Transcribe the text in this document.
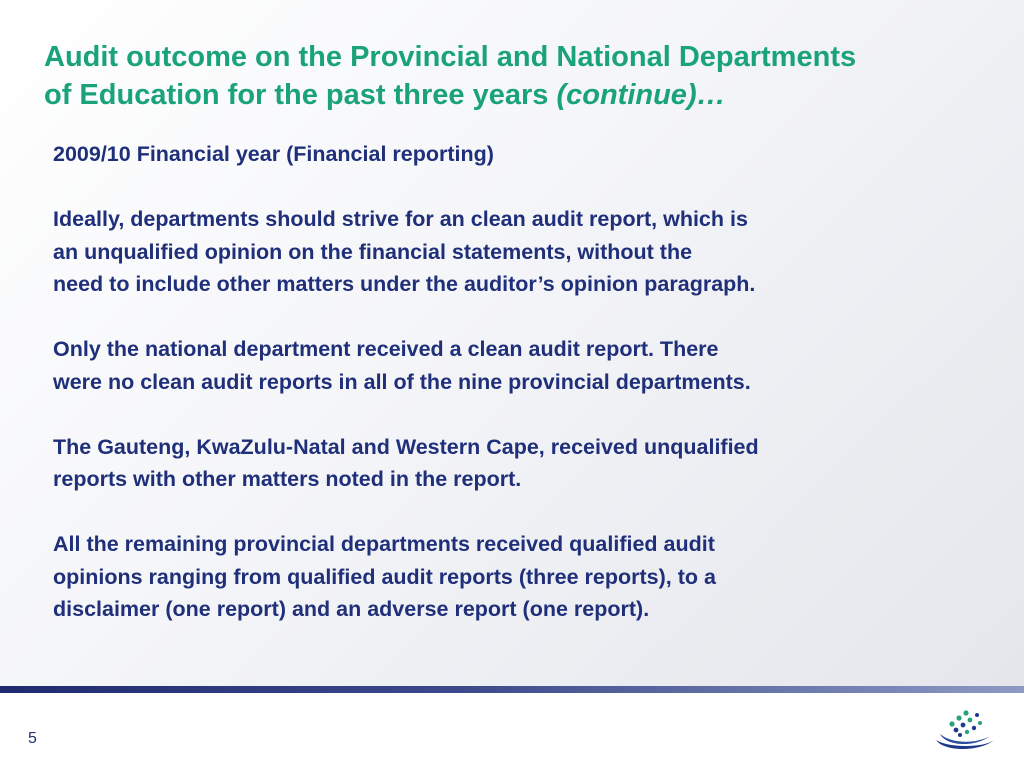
Audit outcome on the Provincial and National Departments
of Education for the past three years (continue)…
2009/10 Financial year (Financial reporting)
Ideally, departments should strive for an clean audit report, which is
an unqualified opinion on the financial statements, without the
need to include other matters under the auditor’s opinion paragraph.
Only the national department received a clean audit report. There
were no clean audit reports in all of the nine provincial departments.
The Gauteng, KwaZulu-Natal and Western Cape, received unqualified
reports with other matters noted in the report.
All the remaining provincial departments received qualified audit
opinions ranging from qualified audit reports (three reports), to a
disclaimer (one report) and an adverse report (one report).
5
